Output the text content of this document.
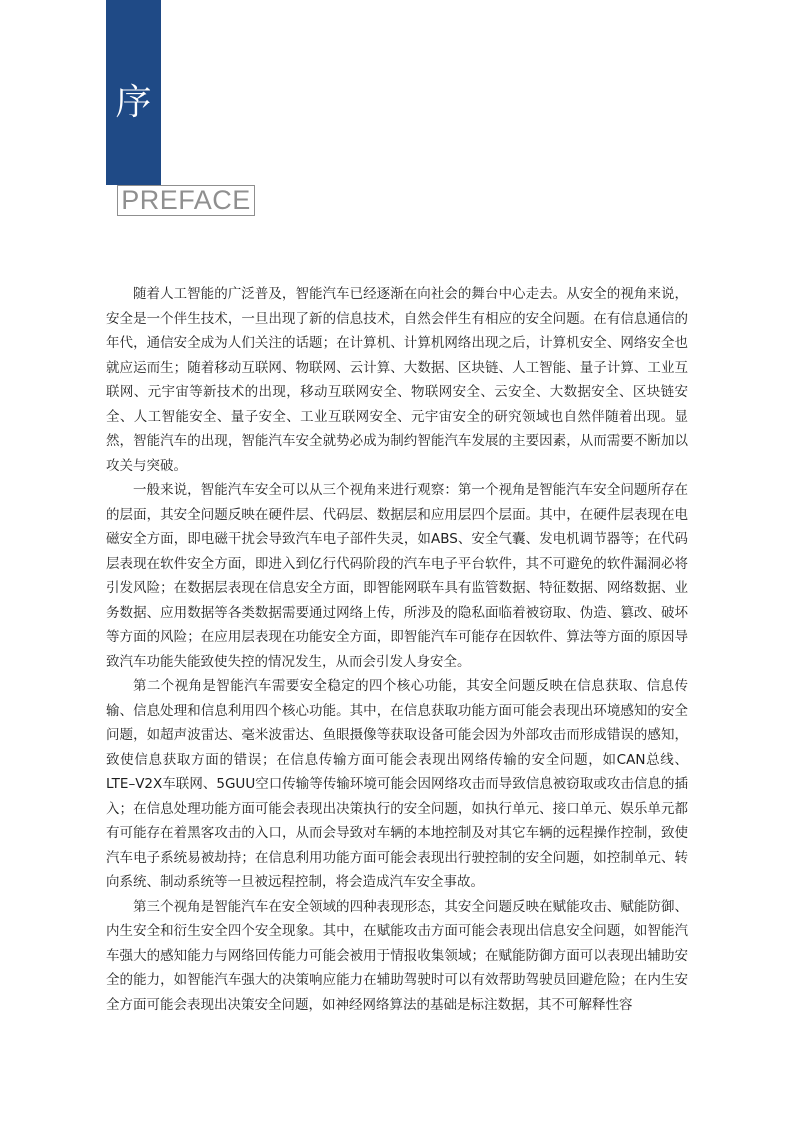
序
PREFACE

随着人工智能的广泛普及，智能汽车已经逐渐在向社会的舞台中心走去。从安全的视角来说，安全是一个伴生技术，一旦出现了新的信息技术，自然会伴生有相应的安全问题。在有信息通信的年代，通信安全成为人们关注的话题；在计算机、计算机网络出现之后，计算机安全、网络安全也就应运而生；随着移动互联网、物联网、云计算、大数据、区块链、人工智能、量子计算、工业互联网、元宇宙等新技术的出现，移动互联网安全、物联网安全、云安全、大数据安全、区块链安全、人工智能安全、量子安全、工业互联网安全、元宇宙安全的研究领域也自然伴随着出现。显然，智能汽车的出现，智能汽车安全就势必成为制约智能汽车发展的主要因素，从而需要不断加以攻关与突破。

一般来说，智能汽车安全可以从三个视角来进行观察：第一个视角是智能汽车安全问题所存在的层面，其安全问题反映在硬件层、代码层、数据层和应用层四个层面。其中，在硬件层表现在电磁安全方面，即电磁干扰会导致汽车电子部件失灵，如ABS、安全气囊、发电机调节器等；在代码层表现在软件安全方面，即进入到亿行代码阶段的汽车电子平台软件，其不可避免的软件漏洞必将引发风险；在数据层表现在信息安全方面，即智能网联车具有监管数据、特征数据、网络数据、业务数据、应用数据等各类数据需要通过网络上传，所涉及的隐私面临着被窃取、伪造、篡改、破坏等方面的风险；在应用层表现在功能安全方面，即智能汽车可能存在因软件、算法等方面的原因导致汽车功能失能致使失控的情况发生，从而会引发人身安全。

第二个视角是智能汽车需要安全稳定的四个核心功能，其安全问题反映在信息获取、信息传输、信息处理和信息利用四个核心功能。其中，在信息获取功能方面可能会表现出环境感知的安全问题，如超声波雷达、毫米波雷达、鱼眼摄像等获取设备可能会因为外部攻击而形成错误的感知，致使信息获取方面的错误；在信息传输方面可能会表现出网络传输的安全问题，如CAN总线、LTE–V2X车联网、5GUU空口传输等传输环境可能会因网络攻击而导致信息被窃取或攻击信息的插入；在信息处理功能方面可能会表现出决策执行的安全问题，如执行单元、接口单元、娱乐单元都有可能存在着黑客攻击的入口，从而会导致对车辆的本地控制及对其它车辆的远程操作控制，致使汽车电子系统易被劫持；在信息利用功能方面可能会表现出行驶控制的安全问题，如控制单元、转向系统、制动系统等一旦被远程控制，将会造成汽车安全事故。

第三个视角是智能汽车在安全领域的四种表现形态，其安全问题反映在赋能攻击、赋能防御、内生安全和衍生安全四个安全现象。其中，在赋能攻击方面可能会表现出信息安全问题，如智能汽车强大的感知能力与网络回传能力可能会被用于情报收集领域；在赋能防御方面可以表现出辅助安全的能力，如智能汽车强大的决策响应能力在辅助驾驶时可以有效帮助驾驶员回避危险；在内生安全方面可能会表现出决策安全问题，如神经网络算法的基础是标注数据，其不可解释性容
